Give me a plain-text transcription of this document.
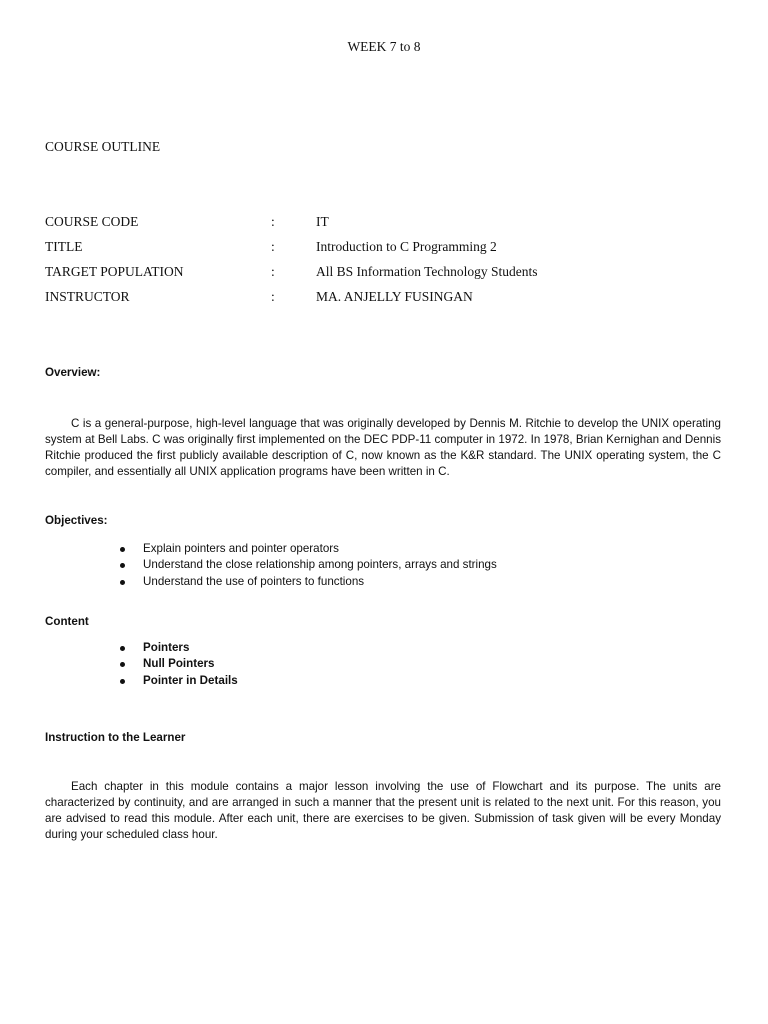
WEEK 7 to 8
COURSE OUTLINE
COURSE CODE	:	IT
TITLE	:	Introduction to C Programming 2
TARGET POPULATION	:	All BS Information Technology Students
INSTRUCTOR	:	MA. ANJELLY FUSINGAN
Overview:

C is a general-purpose, high-level language that was originally developed by Dennis M. Ritchie to develop the UNIX operating system at Bell Labs. C was originally first implemented on the DEC PDP-11 computer in 1972. In 1978, Brian Kernighan and Dennis Ritchie produced the first publicly available description of C, now known as the K&R standard. The UNIX operating system, the C compiler, and essentially all UNIX application programs have been written in C.

Objectives:
Explain pointers and pointer operators
Understand the close relationship among pointers, arrays and strings
Understand the use of pointers to functions
Content
Pointers
Null Pointers
Pointer in Details
Instruction to the Learner

Each chapter in this module contains a major lesson involving the use of Flowchart and its purpose. The units are characterized by continuity, and are arranged in such a manner that the present unit is related to the next unit. For this reason, you are advised to read this module. After each unit, there are exercises to be given. Submission of task given will be every Monday during your scheduled class hour.
